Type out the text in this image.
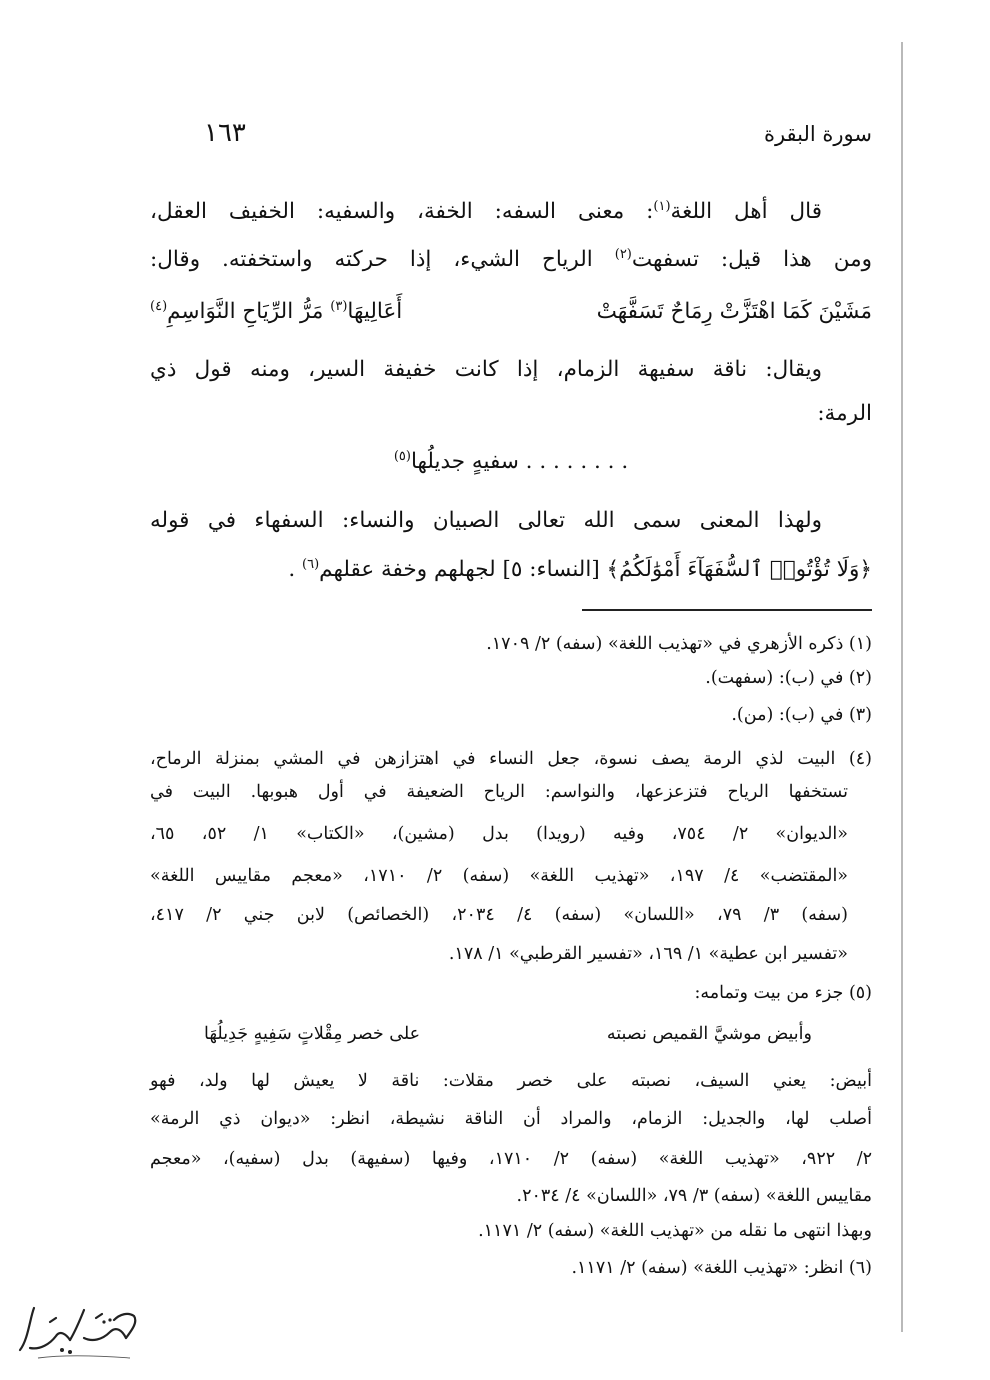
سورة البقرة
١٦٣
قال أهل اللغة$^{(١)}$: معنى السفه: الخفة، والسفيه: الخفيف العقل،
ومن هذا قيل: تسفهت$^{(٢)}$ الرياح الشيء، إذا حركته واستخفته. وقال:
مَشَيْنَ كَمَا اهْتَزَّتْ رِمَاحٌ تَسَفَّهَتْ
أَعَالِيهَا$^{(٣)}$ مَرُّ الرِّيَاحِ النَّوَاسِمِ$^{(٤)}$
ويقال: ناقة سفيهة الزمام، إذا كانت خفيفة السير، ومنه قول ذي
الرمة:
. . . . . . . . سفيهٍ جديلُها$^{(٥)}$
ولهذا المعنى سمى الله تعالى الصبيان والنساء: السفهاء في قوله
﴿وَلَا تُؤْتُوا۟ ٱلسُّفَهَآءَ أَمْوَٰلَكُمُ﴾ [النساء: ٥] لجهلهم وخفة عقلهم$^{(٦)}$ .
(١) ذكره الأزهري في «تهذيب اللغة» (سفه) ٢/ ١٧٠٩.
(٢) في (ب): (سفهت).
(٣) في (ب): (من).
(٤) البيت لذي الرمة يصف نسوة، جعل النساء في اهتزازهن في المشي بمنزلة الرماح،
تستخفها الرياح فتزعزعها، والنواسم: الرياح الضعيفة في أول هبوبها. البيت في
«الديوان» ٢/ ٧٥٤، وفيه (رويدا) بدل (مشين)، «الكتاب» ١/ ٥٢، ٦٥،
«المقتضب» ٤/ ١٩٧، «تهذيب اللغة» (سفه) ٢/ ١٧١٠، «معجم مقاييس اللغة»
(سفه) ٣/ ٧٩، «اللسان» (سفه) ٤/ ٢٠٣٤، (الخصائص) لابن جني ٢/ ٤١٧،
«تفسير ابن عطية» ١/ ١٦٩، «تفسير القرطبي» ١/ ١٧٨.
(٥) جزء من بيت وتمامه:
وأبيض موشيَّ القميص نصبته
على خصر مِقْلاتٍ سَفِيهٍ جَدِيلُهَا
أبيض: يعني السيف، نصبته على خصر مقلات: ناقة لا يعيش لها ولد، فهو
أصلب لها، والجديل: الزمام، والمراد أن الناقة نشيطة، انظر: «ديوان ذي الرمة»
٢/ ٩٢٢، «تهذيب اللغة» (سفه) ٢/ ١٧١٠، وفيها (سفيهة) بدل (سفيه)، «معجم
مقاييس اللغة» (سفه) ٣/ ٧٩، «اللسان» ٤/ ٢٠٣٤.
وبهذا انتهى ما نقله من «تهذيب اللغة» (سفه) ٢/ ١١٧١.
(٦) انظر: «تهذيب اللغة» (سفه) ٢/ ١١٧١.
